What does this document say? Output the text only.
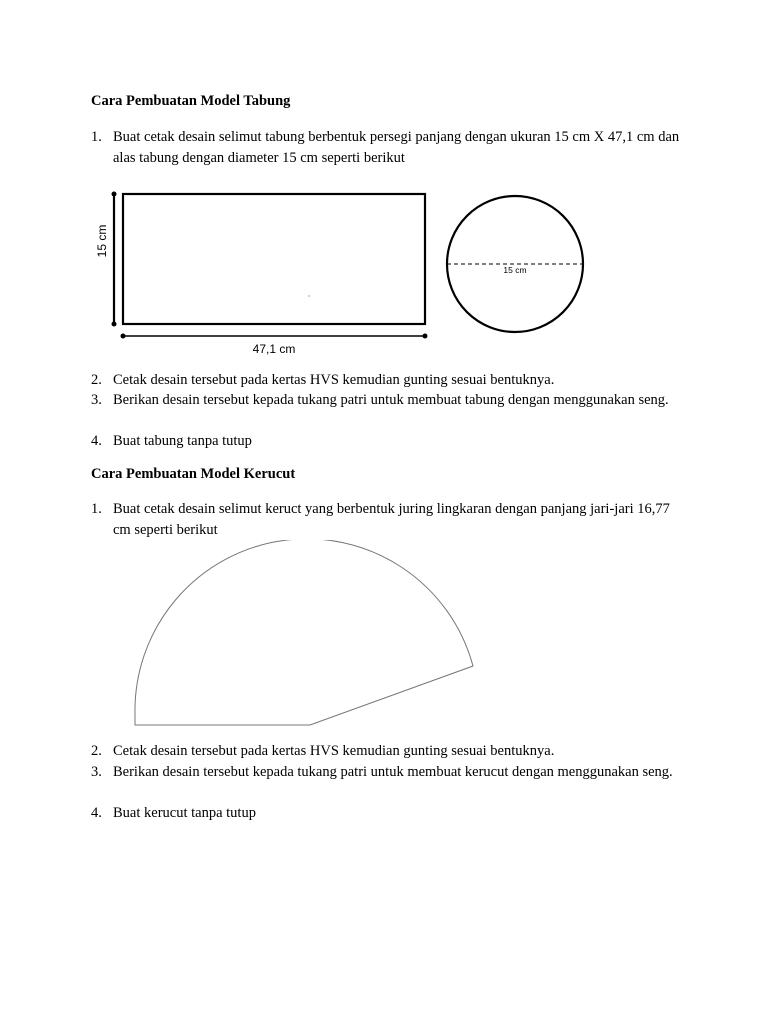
Cara Pembuatan Model Tabung
1. Buat cetak desain selimut tabung berbentuk persegi panjang dengan ukuran 15 cm X 47,1 cm dan alas tabung dengan diameter 15 cm seperti berikut
15 cm
47,1 cm
15 cm
2. Cetak desain tersebut pada kertas HVS kemudian gunting sesuai bentuknya.
3. Berikan desain tersebut kepada tukang patri untuk membuat tabung dengan menggunakan seng.
4. Buat tabung tanpa tutup
Cara Pembuatan Model Kerucut
1. Buat cetak desain selimut keruct yang berbentuk juring lingkaran dengan panjang jari-jari 16,77 cm seperti berikut
2. Cetak desain tersebut pada kertas HVS kemudian gunting sesuai bentuknya.
3. Berikan desain tersebut kepada tukang patri untuk membuat kerucut dengan menggunakan seng.
4. Buat kerucut tanpa tutup
